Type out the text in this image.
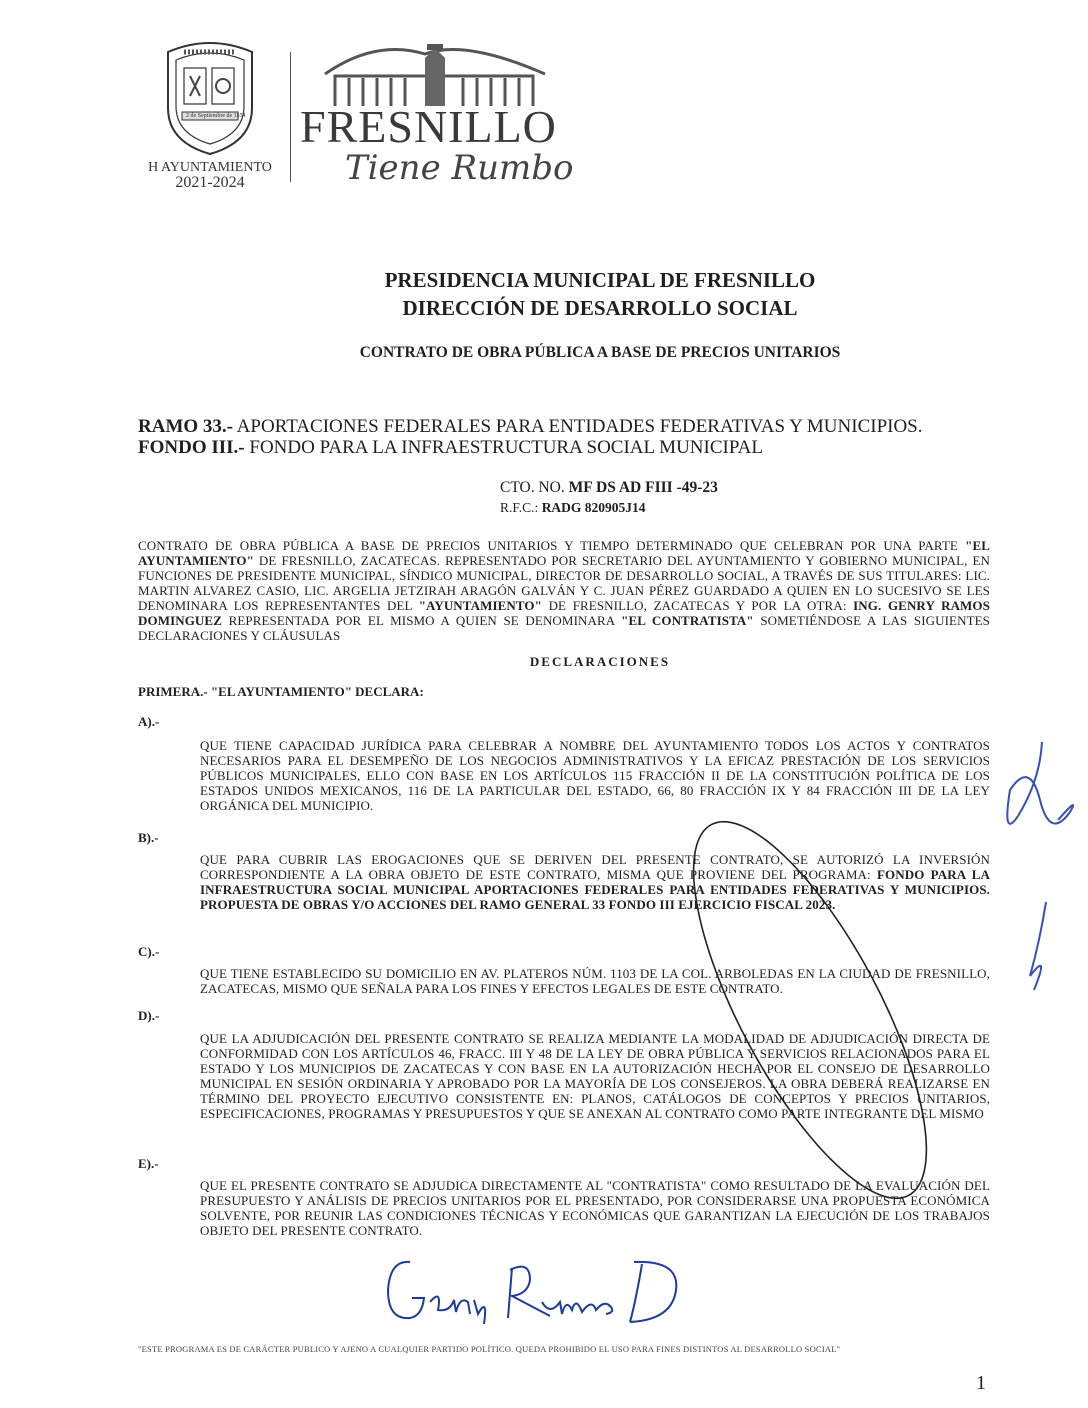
2 de Septiembre de 1554
H AYUNTAMIENTO
2021-2024
FRESNILLO
Tiene Rumbo
PRESIDENCIA MUNICIPAL DE FRESNILLO
DIRECCIÓN DE DESARROLLO SOCIAL
CONTRATO DE OBRA PÚBLICA A BASE DE PRECIOS UNITARIOS
RAMO 33.- APORTACIONES FEDERALES PARA ENTIDADES FEDERATIVAS Y MUNICIPIOS.
FONDO III.- FONDO PARA LA INFRAESTRUCTURA SOCIAL MUNICIPAL
CTO. NO. MF DS AD FIII -49-23
R.F.C.: RADG 820905J14
CONTRATO DE OBRA PÚBLICA A BASE DE PRECIOS UNITARIOS Y TIEMPO DETERMINADO QUE CELEBRAN POR UNA PARTE "EL AYUNTAMIENTO" DE FRESNILLO, ZACATECAS. REPRESENTADO POR SECRETARIO DEL AYUNTAMIENTO Y GOBIERNO MUNICIPAL, EN FUNCIONES DE PRESIDENTE MUNICIPAL, SÍNDICO MUNICIPAL, DIRECTOR DE DESARROLLO SOCIAL, A TRAVÉS DE SUS TITULARES: LIC. MARTIN ALVAREZ CASIO, LIC. ARGELIA JETZIRAH ARAGÓN GALVÁN Y C. JUAN PÉREZ GUARDADO A QUIEN EN LO SUCESIVO SE LES DENOMINARA LOS REPRESENTANTES DEL "AYUNTAMIENTO" DE FRESNILLO, ZACATECAS Y POR LA OTRA: ING. GENRY RAMOS DOMINGUEZ REPRESENTADA POR EL MISMO A QUIEN SE DENOMINARA "EL CONTRATISTA" SOMETIÉNDOSE A LAS SIGUIENTES DECLARACIONES Y CLÁUSULAS
DECLARACIONES
PRIMERA.- "EL AYUNTAMIENTO" DECLARA:
A).-
QUE TIENE CAPACIDAD JURÍDICA PARA CELEBRAR A NOMBRE DEL AYUNTAMIENTO TODOS LOS ACTOS Y CONTRATOS NECESARIOS PARA EL DESEMPEÑO DE LOS NEGOCIOS ADMINISTRATIVOS Y LA EFICAZ PRESTACIÓN DE LOS SERVICIOS PÚBLICOS MUNICIPALES, ELLO CON BASE EN LOS ARTÍCULOS 115 FRACCIÓN II DE LA CONSTITUCIÓN POLÍTICA DE LOS ESTADOS UNIDOS MEXICANOS, 116 DE LA PARTICULAR DEL ESTADO, 66, 80 FRACCIÓN IX Y 84 FRACCIÓN III DE LA LEY ORGÁNICA DEL MUNICIPIO.
B).-
QUE PARA CUBRIR LAS EROGACIONES QUE SE DERIVEN DEL PRESENTE CONTRATO, SE AUTORIZÓ LA INVERSIÓN CORRESPONDIENTE A LA OBRA OBJETO DE ESTE CONTRATO, MISMA QUE PROVIENE DEL PROGRAMA: FONDO PARA LA INFRAESTRUCTURA SOCIAL MUNICIPAL APORTACIONES FEDERALES PARA ENTIDADES FEDERATIVAS Y MUNICIPIOS. PROPUESTA DE OBRAS Y/O ACCIONES DEL RAMO GENERAL 33 FONDO III EJERCICIO FISCAL 2023.
C).-
QUE TIENE ESTABLECIDO SU DOMICILIO EN AV. PLATEROS NÚM. 1103 DE LA COL. ARBOLEDAS EN LA CIUDAD DE FRESNILLO, ZACATECAS, MISMO QUE SEÑALA PARA LOS FINES Y EFECTOS LEGALES DE ESTE CONTRATO.
D).-
QUE LA ADJUDICACIÓN DEL PRESENTE CONTRATO SE REALIZA MEDIANTE LA MODALIDAD DE ADJUDICACIÓN DIRECTA DE CONFORMIDAD CON LOS ARTÍCULOS 46, FRACC. III Y 48 DE LA LEY DE OBRA PÚBLICA Y SERVICIOS RELACIONADOS PARA EL ESTADO Y LOS MUNICIPIOS DE ZACATECAS Y CON BASE EN LA AUTORIZACIÓN HECHA POR EL CONSEJO DE DESARROLLO MUNICIPAL EN SESIÓN ORDINARIA Y APROBADO POR LA MAYORÍA DE LOS CONSEJEROS. LA OBRA DEBERÁ REALIZARSE EN TÉRMINO DEL PROYECTO EJECUTIVO CONSISTENTE EN: PLANOS, CATÁLOGOS DE CONCEPTOS Y PRECIOS UNITARIOS, ESPECIFICACIONES, PROGRAMAS Y PRESUPUESTOS Y QUE SE ANEXAN AL CONTRATO COMO PARTE INTEGRANTE DEL MISMO
E).-
QUE EL PRESENTE CONTRATO SE ADJUDICA DIRECTAMENTE AL "CONTRATISTA" COMO RESULTADO DE LA EVALUACIÓN DEL PRESUPUESTO Y ANÁLISIS DE PRECIOS UNITARIOS POR EL PRESENTADO, POR CONSIDERARSE UNA PROPUESTA ECONÓMICA SOLVENTE, POR REUNIR LAS CONDICIONES TÉCNICAS Y ECONÓMICAS QUE GARANTIZAN LA EJECUCIÓN DE LOS TRABAJOS OBJETO DEL PRESENTE CONTRATO.
"ESTE PROGRAMA ES DE CARÁCTER PUBLICO Y AJENO A CUALQUIER PARTIDO POLÍTICO. QUEDA PROHIBIDO EL USO PARA FINES DISTINTOS AL DESARROLLO SOCIAL"
1
